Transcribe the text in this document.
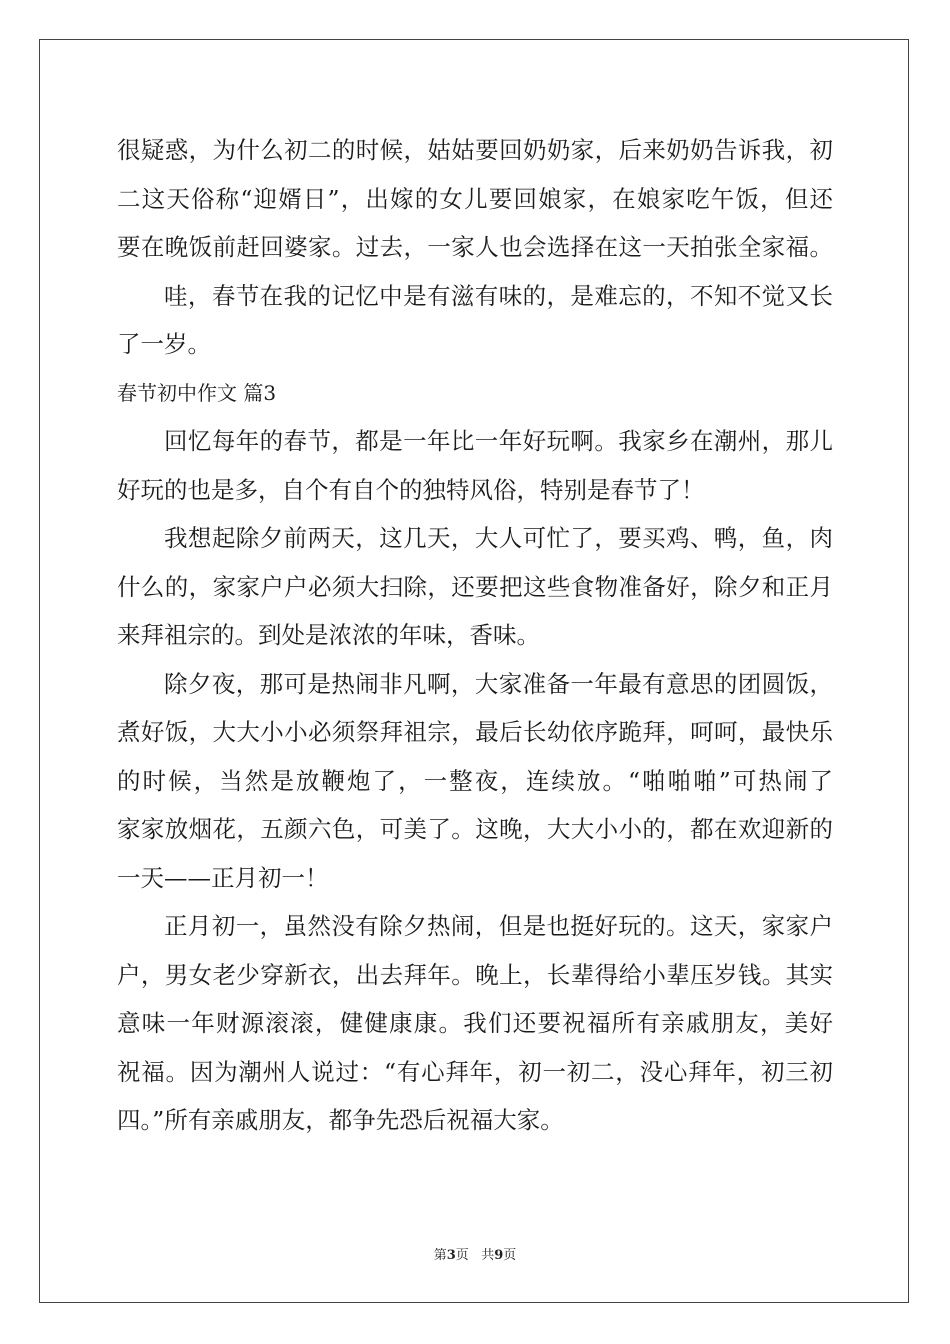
很疑惑，为什么初二的时候，姑姑要回奶奶家，后来奶奶告诉我，初
二这天俗称“迎婿日”，出嫁的女儿要回娘家，在娘家吃午饭，但还
要在晚饭前赶回婆家。过去，一家人也会选择在这一天拍张全家福。
哇，春节在我的记忆中是有滋有味的，是难忘的，不知不觉又长
了一岁。
春节初中作文 篇3
回忆每年的春节，都是一年比一年好玩啊。我家乡在潮州，那儿
好玩的也是多，自个有自个的独特风俗，特别是春节了！
我想起除夕前两天，这几天，大人可忙了，要买鸡、鸭，鱼，肉
什么的，家家户户必须大扫除，还要把这些食物准备好，除夕和正月
来拜祖宗的。到处是浓浓的年味，香味。
除夕夜，那可是热闹非凡啊，大家准备一年最有意思的团圆饭，
煮好饭，大大小小必须祭拜祖宗，最后长幼依序跪拜，呵呵，最快乐
的时候，当然是放鞭炮了，一整夜，连续放。“啪啪啪”可热闹了
家家放烟花，五颜六色，可美了。这晚，大大小小的，都在欢迎新的
一天——正月初一！
正月初一，虽然没有除夕热闹，但是也挺好玩的。这天，家家户
户，男女老少穿新衣，出去拜年。晚上，长辈得给小辈压岁钱。其实
意味一年财源滚滚，健健康康。我们还要祝福所有亲戚朋友，美好
祝福。因为潮州人说过：“有心拜年，初一初二，没心拜年，初三初
四。”所有亲戚朋友，都争先恐后祝福大家。
第3页 共9页
